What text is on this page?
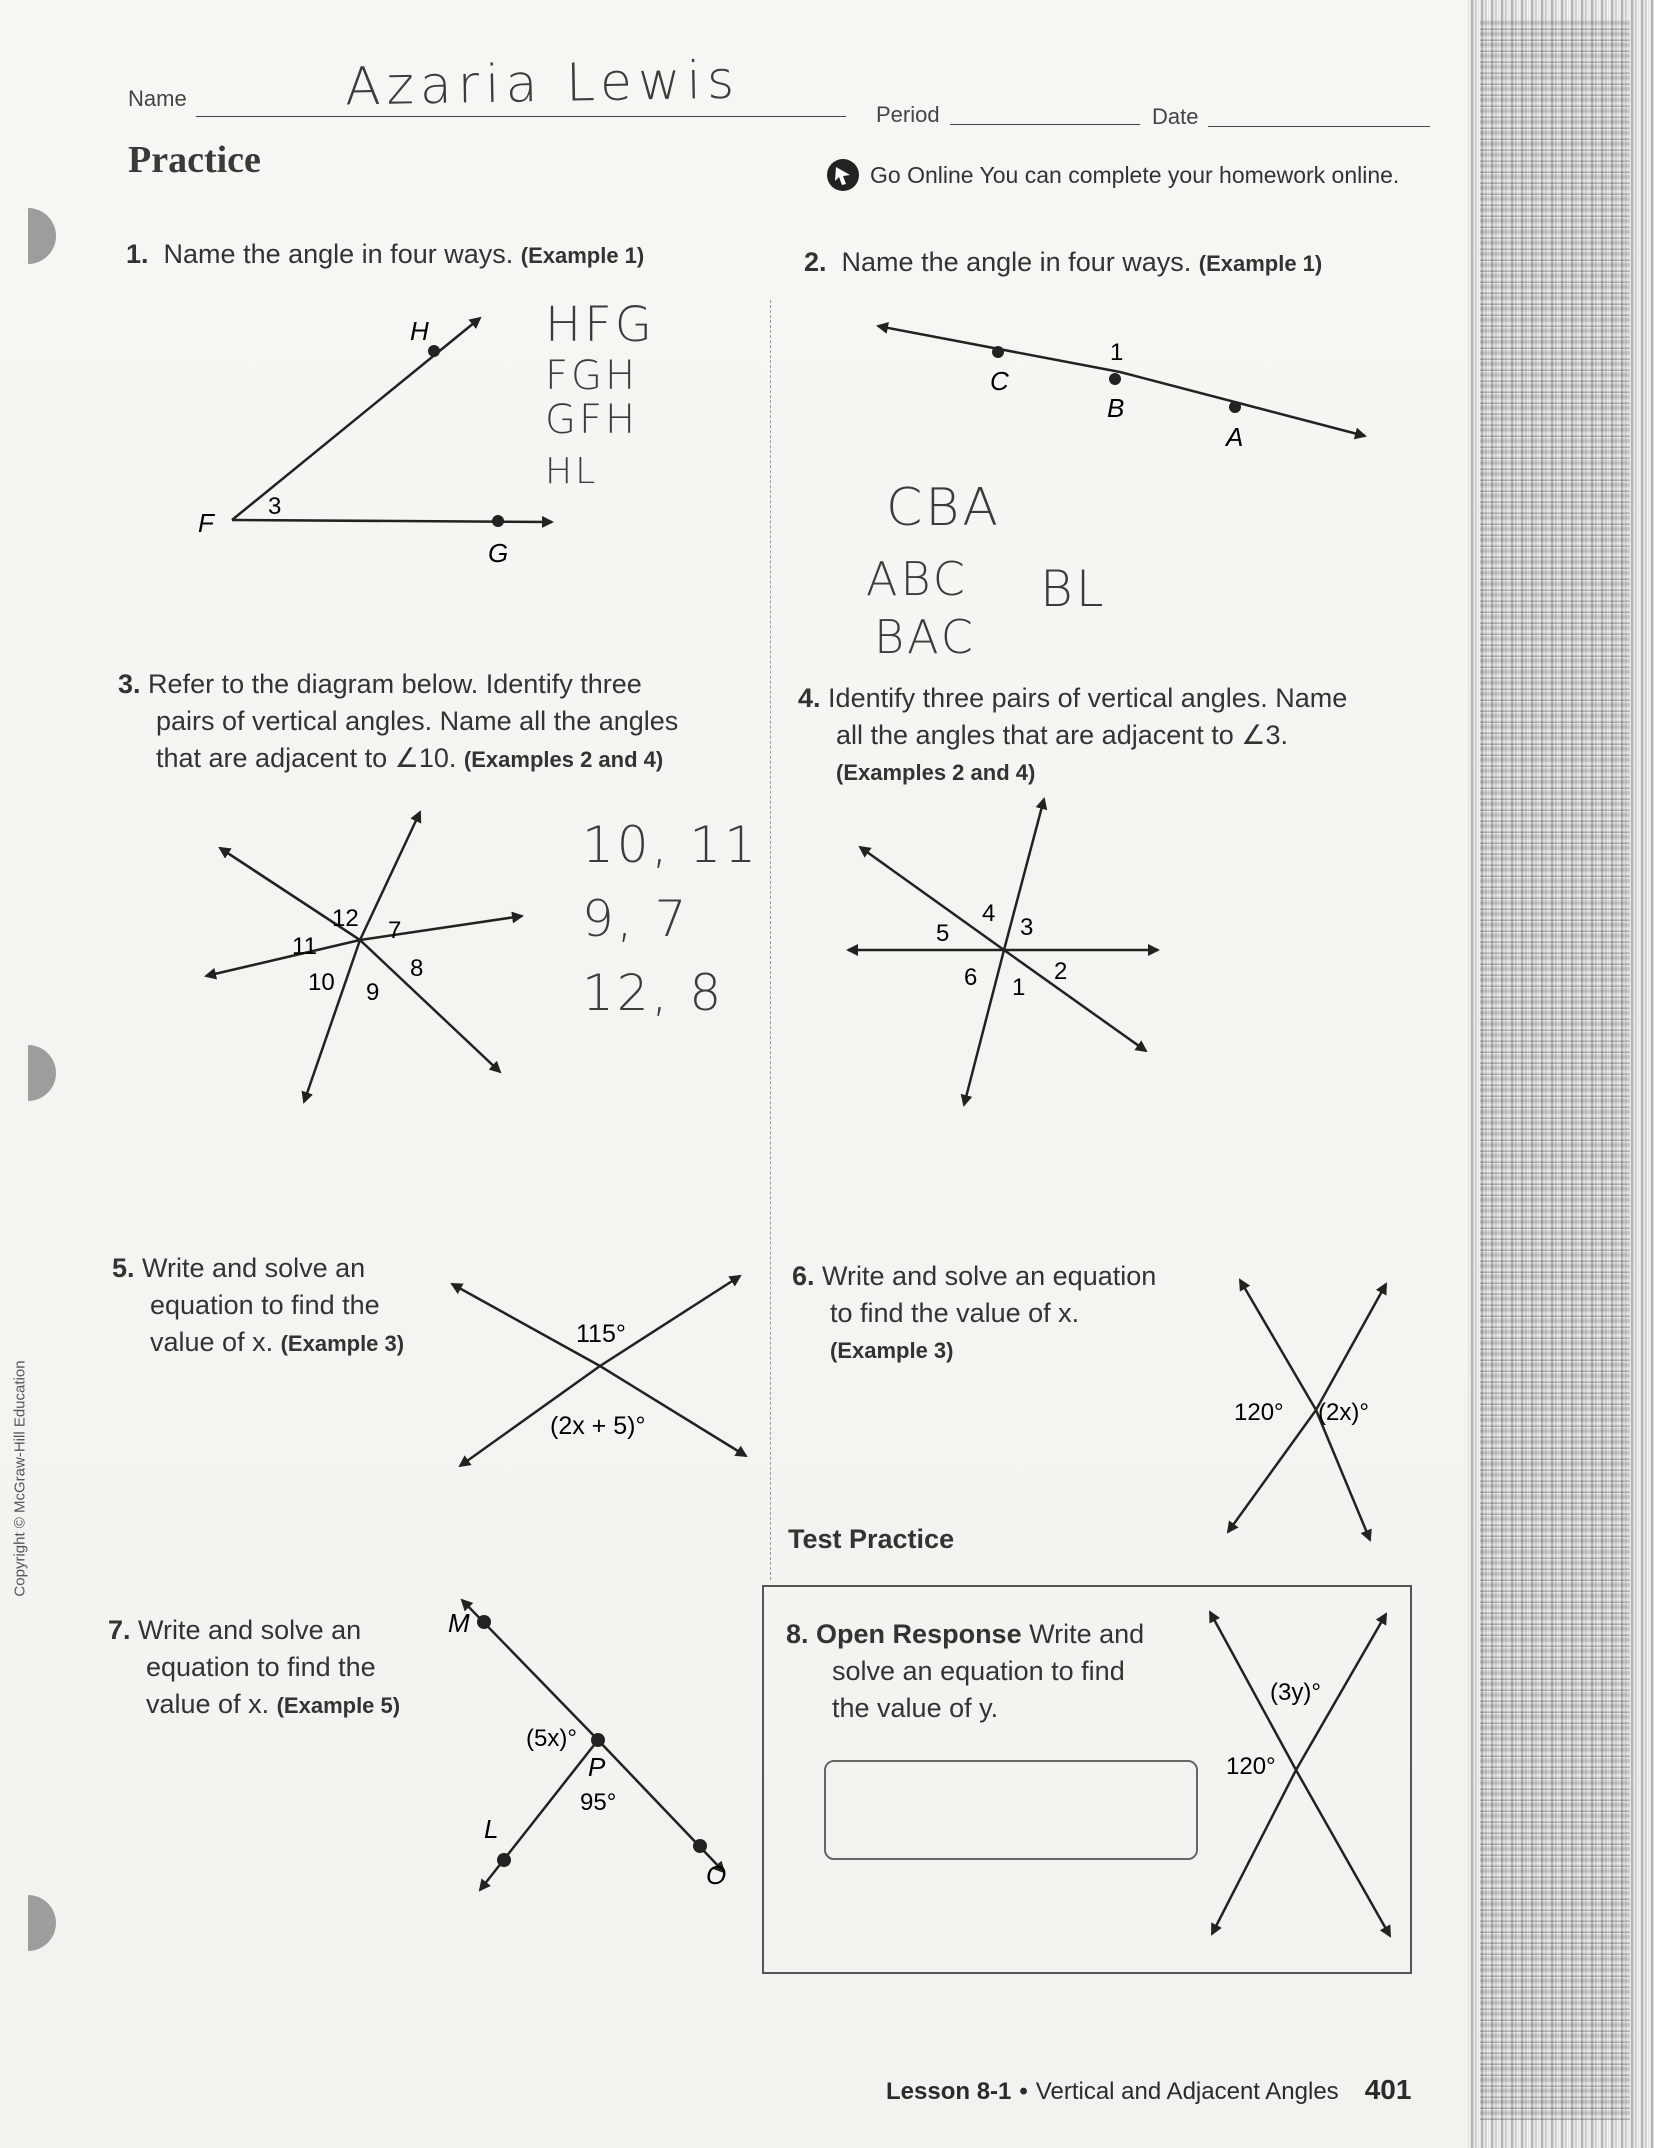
Copyright © McGraw-Hill Education
Name	Azaria Lewis	Period	Date
Practice	Go Online You can complete your homework online.
1. Name the angle in four ways. (Example 1)
H
F
3
G
HFG
FGH
GFH
HL
2. Name the angle in four ways. (Example 1)
C
1
B
A
CBA
ABC
BAC
BL
3. Refer to the diagram below. Identify three
pairs of vertical angles. Name all the angles
that are adjacent to ∠10. (Examples 2 and 4)
12 7
11
8
10 9
10, 11
9, 7
12, 8
4. Identify three pairs of vertical angles. Name
all the angles that are adjacent to ∠3.
(Examples 2 and 4)
4
5	3
6	2
1
5. Write and solve an
equation to find the
value of x. (Example 3)	115°
(2x + 5)°
6. Write and solve an equation
to find the value of x.
(Example 3)
120° (2x)°
Test Practice
7. Write and solve an
equation to find the
value of x. (Example 5)
M
(5x)°
P
95°
L
O
8. Open Response Write and
solve an equation to find
the value of y.
(3y)°
120°
Lesson 8-1 • Vertical and Adjacent Angles 401
